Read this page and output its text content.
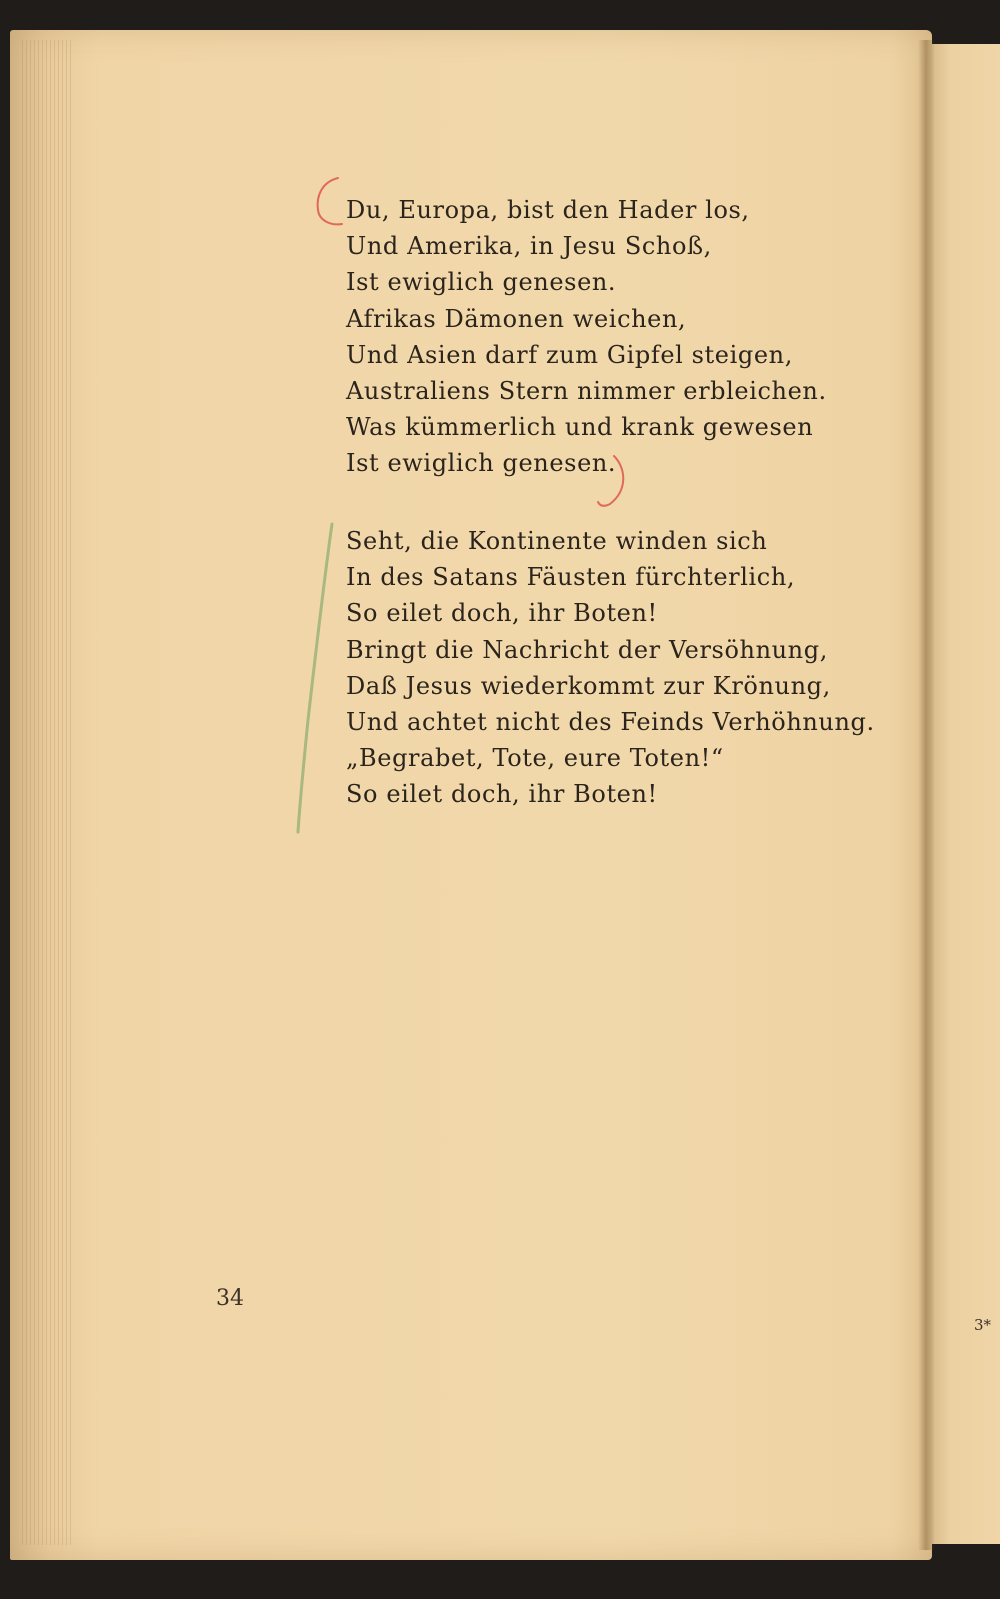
Du, Europa, bist den Hader los,
Und Amerika, in Jesu Schoß,
Ist ewiglich genesen.
Afrikas Dämonen weichen,
Und Asien darf zum Gipfel steigen,
Australiens Stern nimmer erbleichen.
Was kümmerlich und krank gewesen
Ist ewiglich genesen.
Seht, die Kontinente winden sich
In des Satans Fäusten fürchterlich,
So eilet doch, ihr Boten!
Bringt die Nachricht der Versöhnung,
Daß Jesus wiederkommt zur Krönung,
Und achtet nicht des Feinds Verhöhnung.
„Begrabet, Tote, eure Toten!“
So eilet doch, ihr Boten!
34
3*
